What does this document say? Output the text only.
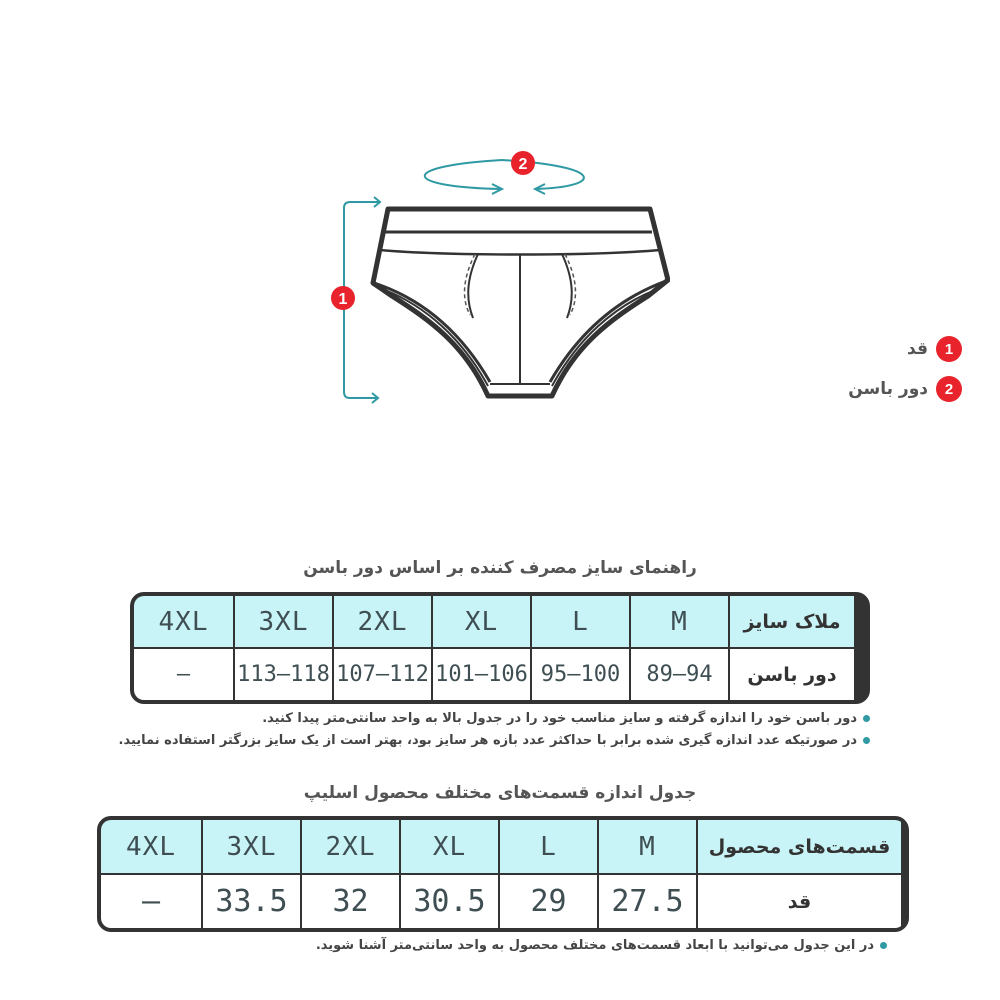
2
1
1
قد
2
دور باسن
راهنمای سایز مصرف کننده بر اساس دور باسن
4XL 3XL 2XL XL	L	M	ملاک سایز
– 113–118 107–112 101–106 95–100 89–94 دور باسن
دور باسن خود را اندازه گرفته و سایز مناسب خود را در جدول بالا به واحد سانتی‌متر پیدا کنید.
در صورتیکه عدد اندازه گیری شده برابر با حداکثر عدد بازه هر سایز بود، بهتر است از یک سایز بزرگتر استفاده نمایید.
جدول اندازه قسمت‌های مختلف محصول اسلیپ
4XL 3XL 2XL XL	L	M	قسمت‌های محصول
– 33.5 32 30.5 29 27.5	قد
در این جدول می‌توانید با ابعاد قسمت‌های مختلف محصول به واحد سانتی‌متر آشنا شوید.
